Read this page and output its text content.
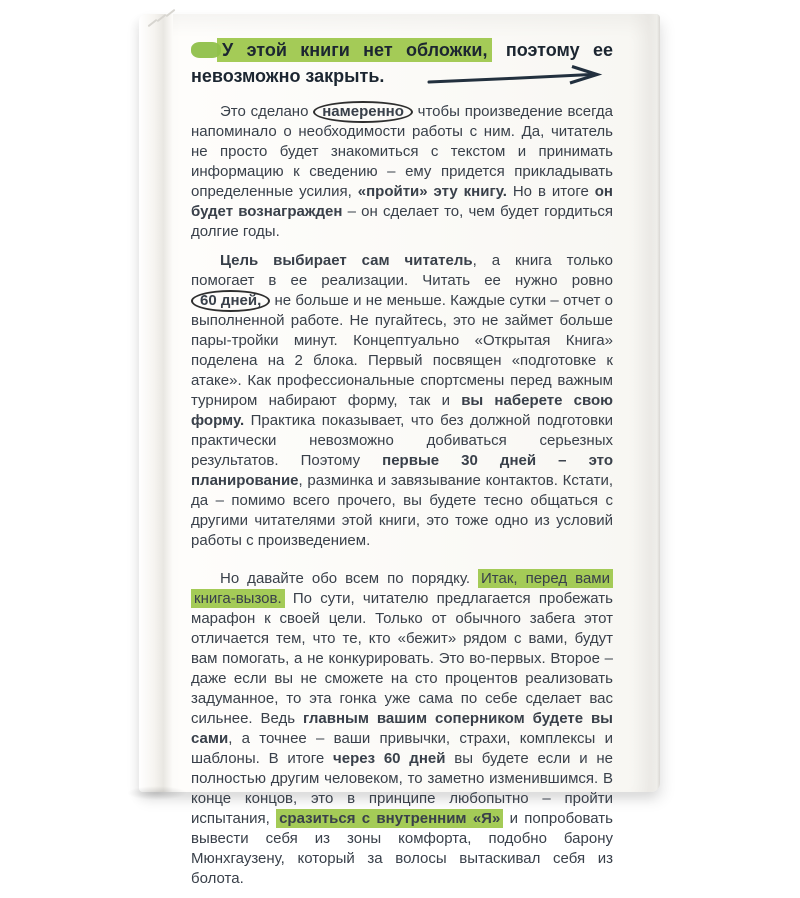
У этой книги нет обложки, поэтому ее
невозможно закрыть.

Это сделано намеренно чтобы произведение всегда напоминало о необходимости работы с ним. Да, читатель не просто будет знакомиться с текстом и принимать информацию к сведению – ему придется прикладывать определенные усилия, «пройти» эту книгу. Но в итоге он будет вознагражден – он сделает то, чем будет гордиться долгие годы.

Цель выбирает сам читатель, а книга только помогает в ее реализации. Читать ее нужно ровно 60 дней, не больше и не меньше. Каждые сутки – отчет о выполненной работе. Не пугайтесь, это не займет больше пары-тройки минут. Концептуально «Открытая Книга» поделена на 2 блока. Первый посвящен «подготовке к атаке». Как профессиональные спортсмены перед важным турниром набирают форму, так и вы наберете свою форму. Практика показывает, что без должной подготовки практически невозможно добиваться серьезных результатов. Поэтому первые 30 дней – это планирование, разминка и завязывание контактов. Кстати, да – помимо всего прочего, вы будете тесно общаться с другими читателями этой книги, это тоже одно из условий работы с произведением.

Но давайте обо всем по порядку. Итак, перед вами книга-вызов. По сути, читателю предлагается пробежать марафон к своей цели. Только от обычного забега этот отличается тем, что те, кто «бежит» рядом с вами, будут вам помогать, а не конкурировать. Это во-первых. Второе – даже если вы не сможете на сто процентов реализовать задуманное, то эта гонка уже сама по себе сделает вас сильнее. Ведь главным вашим соперником будете вы сами, а точнее – ваши привычки, страхи, комплексы и шаблоны. В итоге через 60 дней вы будете если и не полностью другим человеком, то заметно изменившимся. В конце концов, это в принципе любопытно – пройти испытания, сразиться с внутренним «Я» и попробовать вывести себя из зоны комфорта, подобно барону Мюнхгаузену, который за волосы вытаскивал себя из болота.
